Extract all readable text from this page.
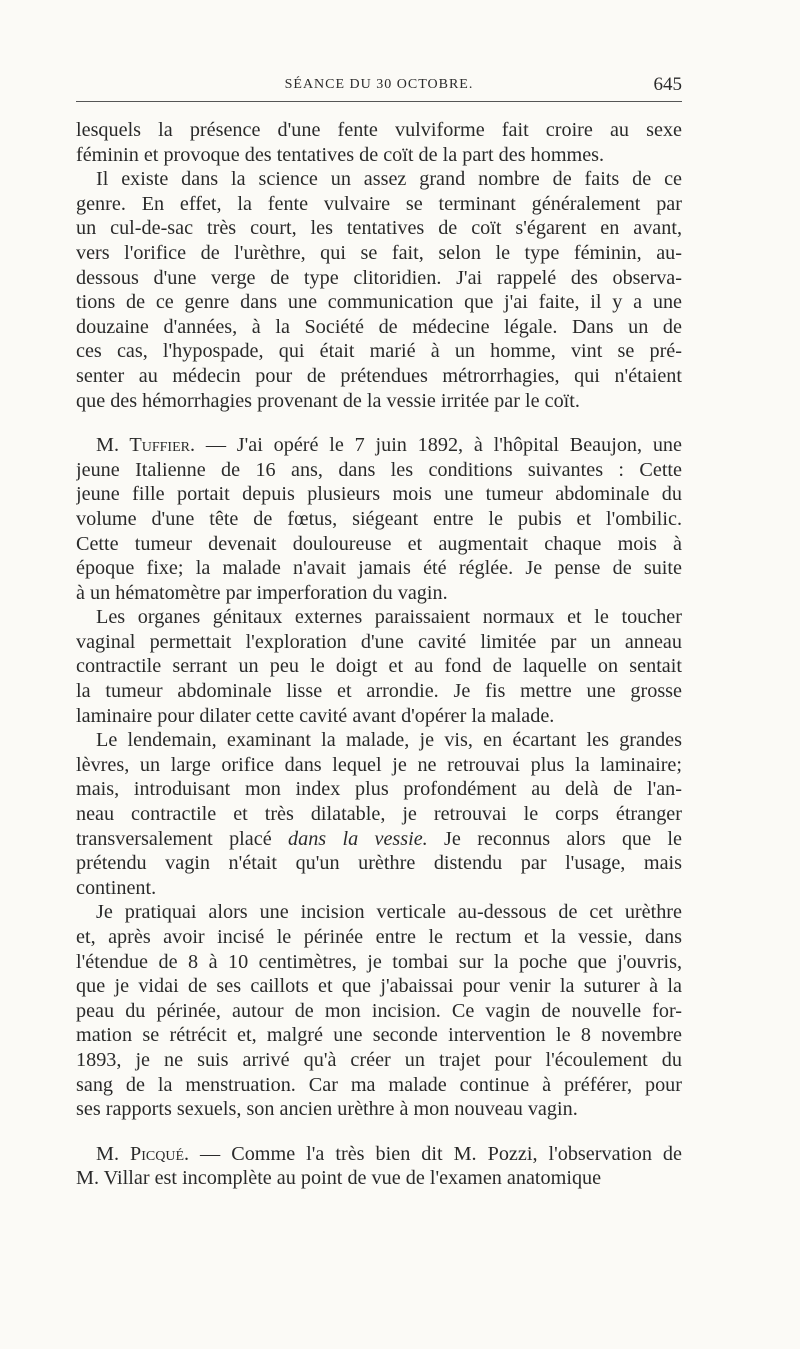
SÉANCE DU 30 OCTOBRE.	645
lesquels la présence d'une fente vulviforme fait croire au sexe
féminin et provoque des tentatives de coït de la part des hommes.
Il existe dans la science un assez grand nombre de faits de ce
genre. En effet, la fente vulvaire se terminant généralement par
un cul-de-sac très court, les tentatives de coït s'égarent en avant,
vers l'orifice de l'urèthre, qui se fait, selon le type féminin, au-
dessous d'une verge de type clitoridien. J'ai rappelé des observa-
tions de ce genre dans une communication que j'ai faite, il y a une
douzaine d'années, à la Société de médecine légale. Dans un de
ces cas, l'hypospade, qui était marié à un homme, vint se pré-
senter au médecin pour de prétendues métrorrhagies, qui n'étaient
que des hémorrhagies provenant de la vessie irritée par le coït.
M. Tuffier. — J'ai opéré le 7 juin 1892, à l'hôpital Beaujon, une
jeune Italienne de 16 ans, dans les conditions suivantes : Cette
jeune fille portait depuis plusieurs mois une tumeur abdominale du
volume d'une tête de fœtus, siégeant entre le pubis et l'ombilic.
Cette tumeur devenait douloureuse et augmentait chaque mois à
époque fixe; la malade n'avait jamais été réglée. Je pense de suite
à un hématomètre par imperforation du vagin.
Les organes génitaux externes paraissaient normaux et le toucher
vaginal permettait l'exploration d'une cavité limitée par un anneau
contractile serrant un peu le doigt et au fond de laquelle on sentait
la tumeur abdominale lisse et arrondie. Je fis mettre une grosse
laminaire pour dilater cette cavité avant d'opérer la malade.
Le lendemain, examinant la malade, je vis, en écartant les grandes
lèvres, un large orifice dans lequel je ne retrouvai plus la laminaire;
mais, introduisant mon index plus profondément au delà de l'an-
neau contractile et très dilatable, je retrouvai le corps étranger
transversalement placé dans la vessie. Je reconnus alors que le
prétendu vagin n'était qu'un urèthre distendu par l'usage, mais
continent.
Je pratiquai alors une incision verticale au-dessous de cet urèthre
et, après avoir incisé le périnée entre le rectum et la vessie, dans
l'étendue de 8 à 10 centimètres, je tombai sur la poche que j'ouvris,
que je vidai de ses caillots et que j'abaissai pour venir la suturer à la
peau du périnée, autour de mon incision. Ce vagin de nouvelle for-
mation se rétrécit et, malgré une seconde intervention le 8 novembre
1893, je ne suis arrivé qu'à créer un trajet pour l'écoulement du
sang de la menstruation. Car ma malade continue à préférer, pour
ses rapports sexuels, son ancien urèthre à mon nouveau vagin.
M. Picqué. — Comme l'a très bien dit M. Pozzi, l'observation de
M. Villar est incomplète au point de vue de l'examen anatomique
